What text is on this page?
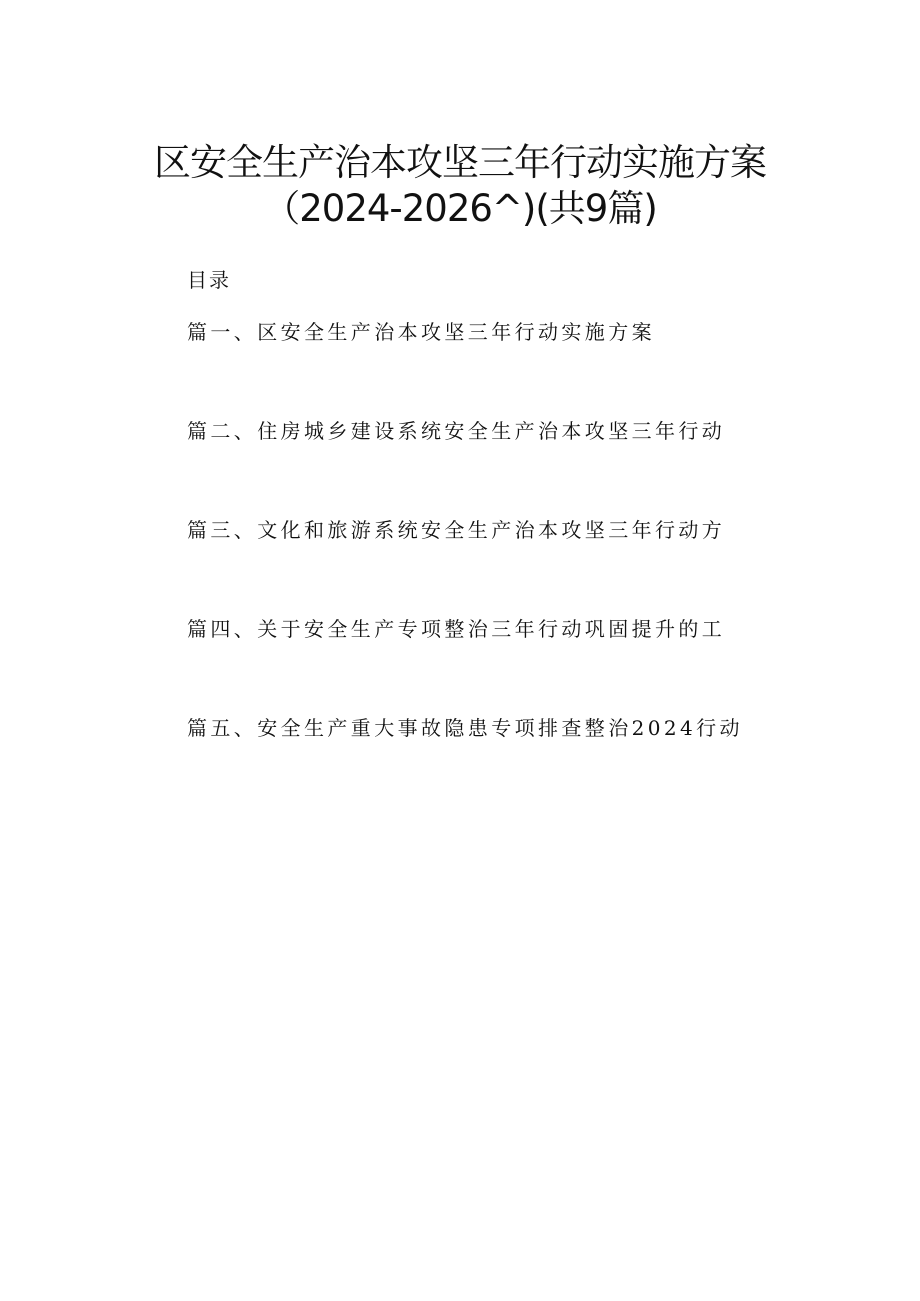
区安全生产治本攻坚三年行动实施方案
（2024-2026^)(共9篇)
目录
篇一、区安全生产治本攻坚三年行动实施方案
篇二、住房城乡建设系统安全生产治本攻坚三年行动
篇三、文化和旅游系统安全生产治本攻坚三年行动方
篇四、关于安全生产专项整治三年行动巩固提升的工
篇五、安全生产重大事故隐患专项排查整治2024行动
